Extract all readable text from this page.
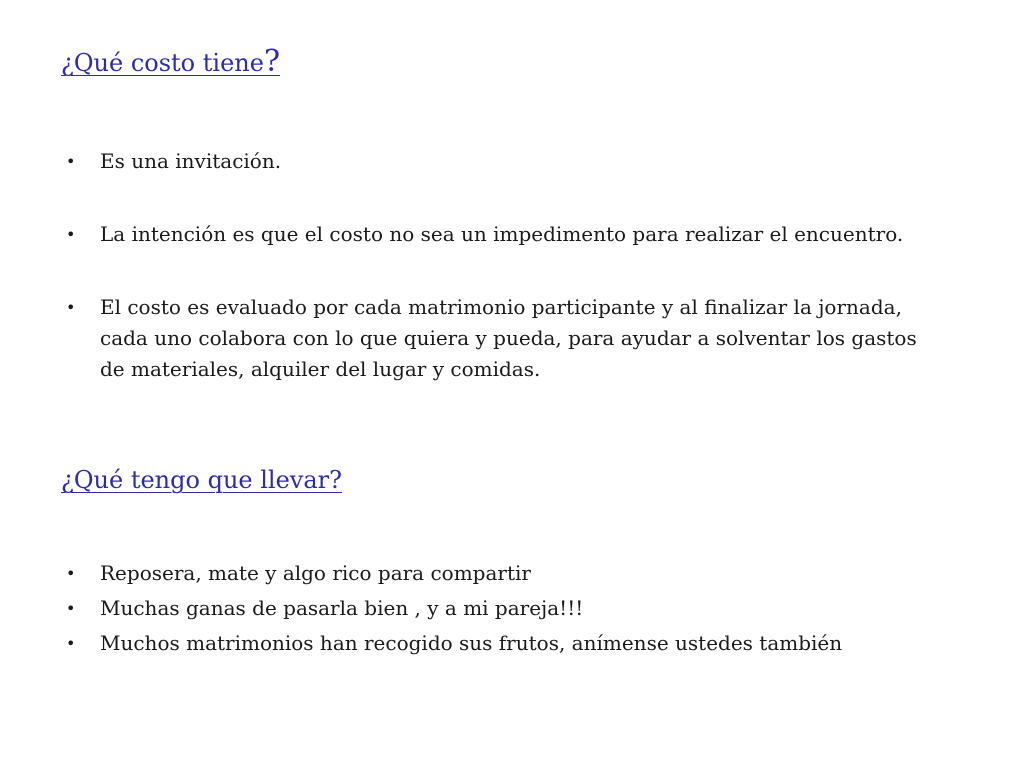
¿Qué costo tiene?
• Es una invitación.
• La intención es que el costo no sea un impedimento para realizar el encuentro.
• El costo es evaluado por cada matrimonio participante y al finalizar la jornada, cada uno colabora con lo que quiera y pueda, para ayudar a solventar los gastos de materiales, alquiler del lugar y comidas.
¿Qué tengo que llevar?
• Reposera, mate y algo rico para compartir
• Muchas ganas de pasarla bien , y a mi pareja!!!
• Muchos matrimonios han recogido sus frutos, anímense ustedes también
